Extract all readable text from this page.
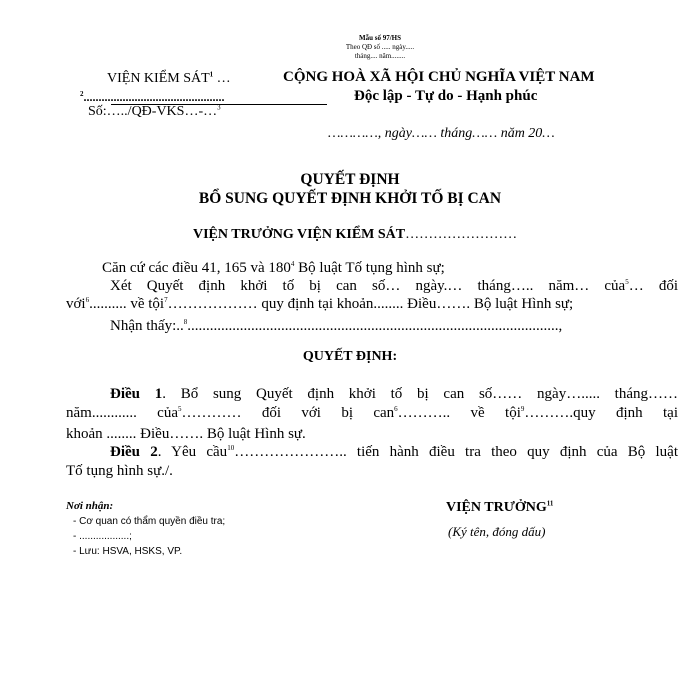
Mẫu số 97/HS
Theo QĐ số ..... ngày.....
tháng.... năm........
VIỆN KIỂM SÁT$^1$ …
$^2$...............................................
Số:…../QĐ-VKS…-…$^3$
CỘNG HOÀ XÃ HỘI CHỦ NGHĨA VIỆT NAM
Độc lập - Tự do - Hạnh phúc
…………, ngày…… tháng…… năm 20…
QUYẾT ĐỊNH
BỔ SUNG QUYẾT ĐỊNH KHỞI TỐ BỊ CAN
VIỆN TRƯỞNG VIỆN KIỂM SÁT……………………
Căn cứ các điều 41, 165 và $180^4$ Bộ luật Tố tụng hình sự;
Xét Quyết định khởi tố bị can số… ngày.… tháng….. năm… của$^5$… đối
với$^6$.......... về tội$^7$……………… quy định tại khoản........ Điều……. Bộ luật Hình sự;
Nhận thấy:..$^8$...................................................................................................,
QUYẾT ĐỊNH:
Điều 1. Bổ sung Quyết định khởi tố bị can số…… ngày…..... tháng……
năm............ của$^5$………… đối với bị can$^6$……….. về tội$^9$……….quy định tại
khoản ........ Điều……. Bộ luật Hình sự.
Điều 2. Yêu cầu$^{10}$………………….. tiến hành điều tra theo quy định của Bộ luật
Tố tụng hình sự./.
Nơi nhận:
- Cơ quan có thẩm quyền điều tra;
- ..................;
- Lưu: HSVA, HSKS, VP.
VIỆN TRƯỞNG$^{11}$
(Ký tên, đóng dấu)
